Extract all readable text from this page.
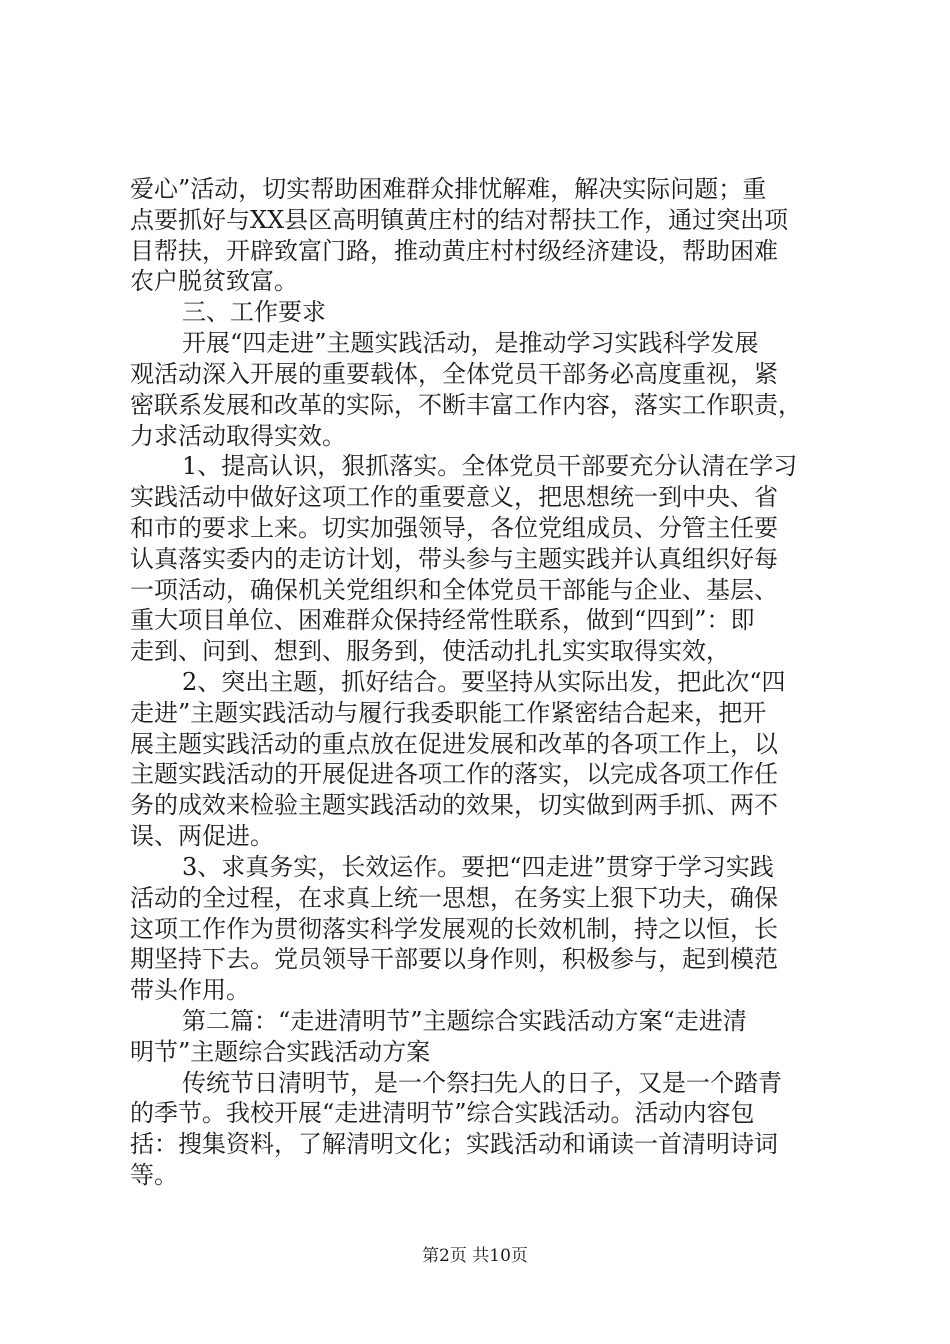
爱心”活动，切实帮助困难群众排忧解难，解决实际问题；重
点要抓好与XX县区高明镇黄庄村的结对帮扶工作，通过突出项
目帮扶，开辟致富门路，推动黄庄村村级经济建设，帮助困难
农户脱贫致富。
三、工作要求
开展“四走进”主题实践活动，是推动学习实践科学发展
观活动深入开展的重要载体，全体党员干部务必高度重视，紧
密联系发展和改革的实际，不断丰富工作内容，落实工作职责，
力求活动取得实效。
1、提高认识，狠抓落实。全体党员干部要充分认清在学习
实践活动中做好这项工作的重要意义，把思想统一到中央、省
和市的要求上来。切实加强领导，各位党组成员、分管主任要
认真落实委内的走访计划，带头参与主题实践并认真组织好每
一项活动，确保机关党组织和全体党员干部能与企业、基层、
重大项目单位、困难群众保持经常性联系，做到“四到”：即
走到、问到、想到、服务到，使活动扎扎实实取得实效，
2、突出主题，抓好结合。要坚持从实际出发，把此次“四
走进”主题实践活动与履行我委职能工作紧密结合起来，把开
展主题实践活动的重点放在促进发展和改革的各项工作上，以
主题实践活动的开展促进各项工作的落实，以完成各项工作任
务的成效来检验主题实践活动的效果，切实做到两手抓、两不
误、两促进。
3、求真务实，长效运作。要把“四走进”贯穿于学习实践
活动的全过程，在求真上统一思想，在务实上狠下功夫，确保
这项工作作为贯彻落实科学发展观的长效机制，持之以恒，长
期坚持下去。党员领导干部要以身作则，积极参与，起到模范
带头作用。
第二篇：“走进清明节”主题综合实践活动方案“走进清
明节”主题综合实践活动方案
传统节日清明节，是一个祭扫先人的日子，又是一个踏青
的季节。我校开展“走进清明节”综合实践活动。活动内容包
括：搜集资料，了解清明文化；实践活动和诵读一首清明诗词
等。
第2页 共10页
